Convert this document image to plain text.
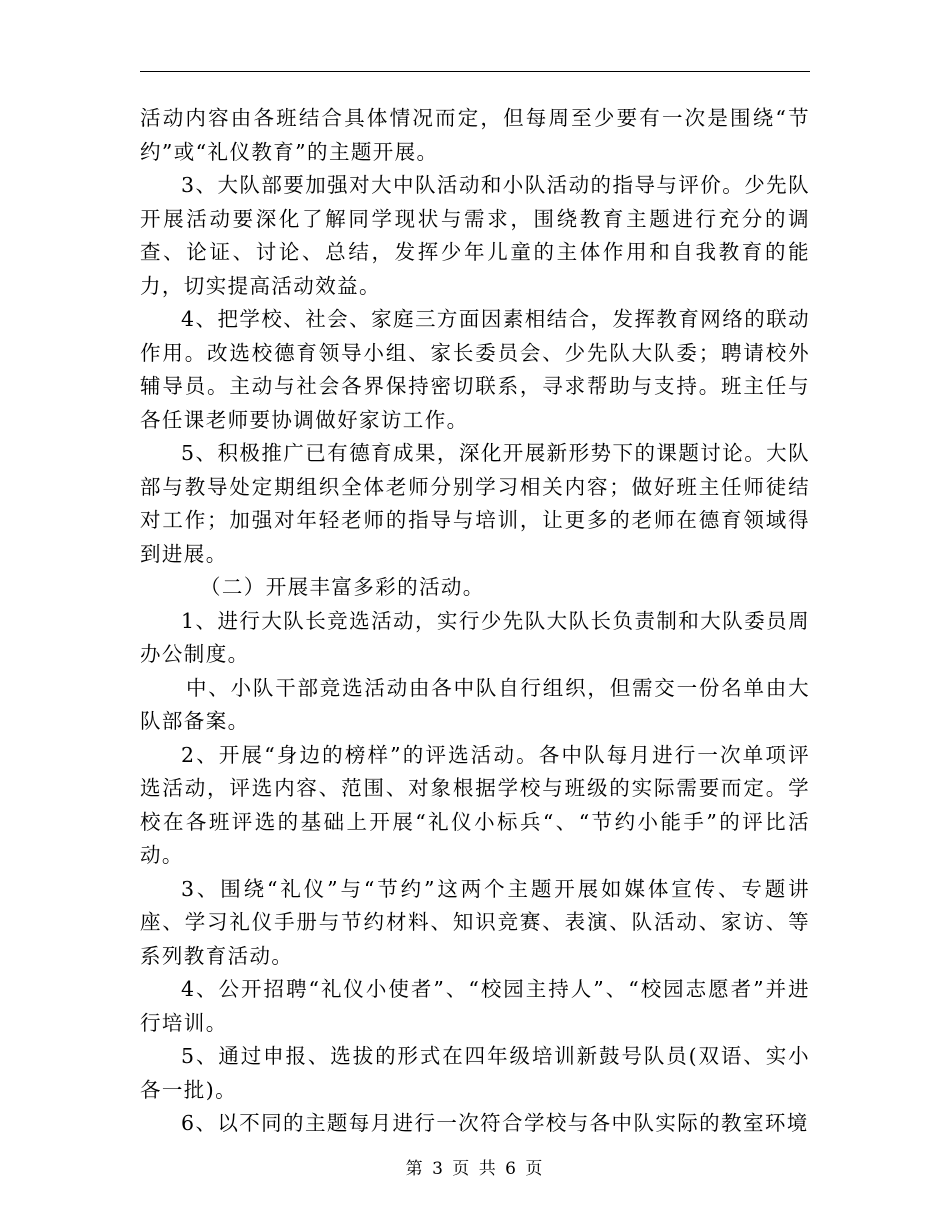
活动内容由各班结合具体情况而定，但每周至少要有一次是围绕“节约”或“礼仪教育”的主题开展。

3、大队部要加强对大中队活动和小队活动的指导与评价。少先队开展活动要深化了解同学现状与需求，围绕教育主题进行充分的调查、论证、讨论、总结，发挥少年儿童的主体作用和自我教育的能力，切实提高活动效益。

4、把学校、社会、家庭三方面因素相结合，发挥教育网络的联动作用。改选校德育领导小组、家长委员会、少先队大队委；聘请校外辅导员。主动与社会各界保持密切联系，寻求帮助与支持。班主任与各任课老师要协调做好家访工作。

5、积极推广已有德育成果，深化开展新形势下的课题讨论。大队部与教导处定期组织全体老师分别学习相关内容；做好班主任师徒结对工作；加强对年轻老师的指导与培训，让更多的老师在德育领域得到进展。

（二）开展丰富多彩的活动。

1、进行大队长竞选活动，实行少先队大队长负责制和大队委员周办公制度。

中、小队干部竞选活动由各中队自行组织，但需交一份名单由大队部备案。

2、开展“身边的榜样”的评选活动。各中队每月进行一次单项评选活动，评选内容、范围、对象根据学校与班级的实际需要而定。学校在各班评选的基础上开展“礼仪小标兵“、“节约小能手”的评比活动。

3、围绕“礼仪”与“节约”这两个主题开展如媒体宣传、专题讲座、学习礼仪手册与节约材料、知识竞赛、表演、队活动、家访、等系列教育活动。

4、公开招聘“礼仪小使者”、“校园主持人”、“校园志愿者”并进行培训。

5、通过申报、选拔的形式在四年级培训新鼓号队员(双语、实小各一批)。

6、以不同的主题每月进行一次符合学校与各中队实际的教室环境

第 3 页 共 6 页
